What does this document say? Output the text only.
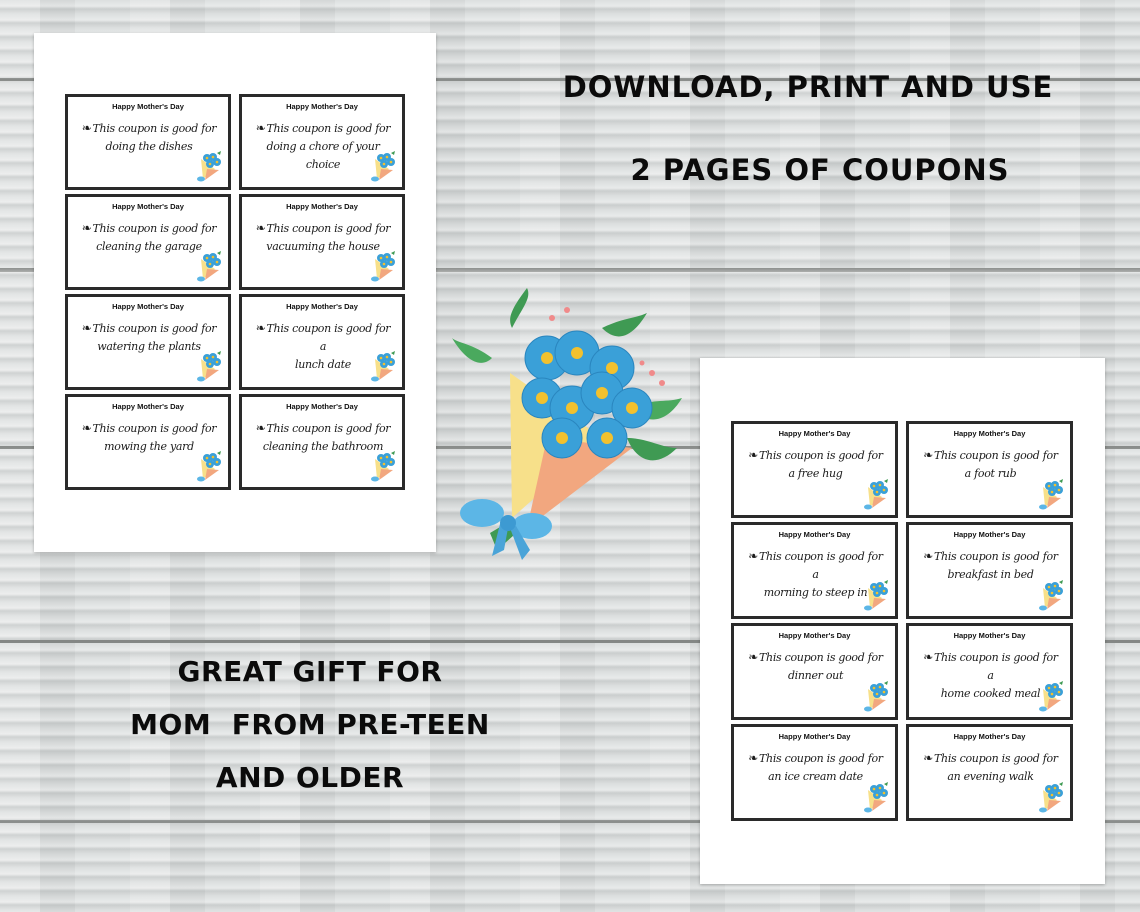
DOWNLOAD, PRINT AND USE
2 PAGES OF COUPONS
GREAT GIFT FOR
MOM  FROM PRE-TEEN
AND OLDER
Happy Mother's Day
❧This coupon is good for
doing the dishes
Happy Mother's Day
❧This coupon is good for
doing a chore of your choice
Happy Mother's Day
❧This coupon is good for
cleaning the garage
Happy Mother's Day
❧This coupon is good for
vacuuming the house
Happy Mother's Day
❧This coupon is good for
watering the plants
Happy Mother's Day
❧This coupon is good for a
lunch date
Happy Mother's Day
❧This coupon is good for
mowing the yard
Happy Mother's Day
❧This coupon is good for
cleaning the bathroom
Happy Mother's Day
❧This coupon is good for
a free hug
Happy Mother's Day
❧This coupon is good for
a foot rub
Happy Mother's Day
❧This coupon is good for a
morning to steep in
Happy Mother's Day
❧This coupon is good for
breakfast in bed
Happy Mother's Day
❧This coupon is good for
dinner out
Happy Mother's Day
❧This coupon is good for a
home cooked meal
Happy Mother's Day
❧This coupon is good for
an ice cream date
Happy Mother's Day
❧This coupon is good for
an evening walk
